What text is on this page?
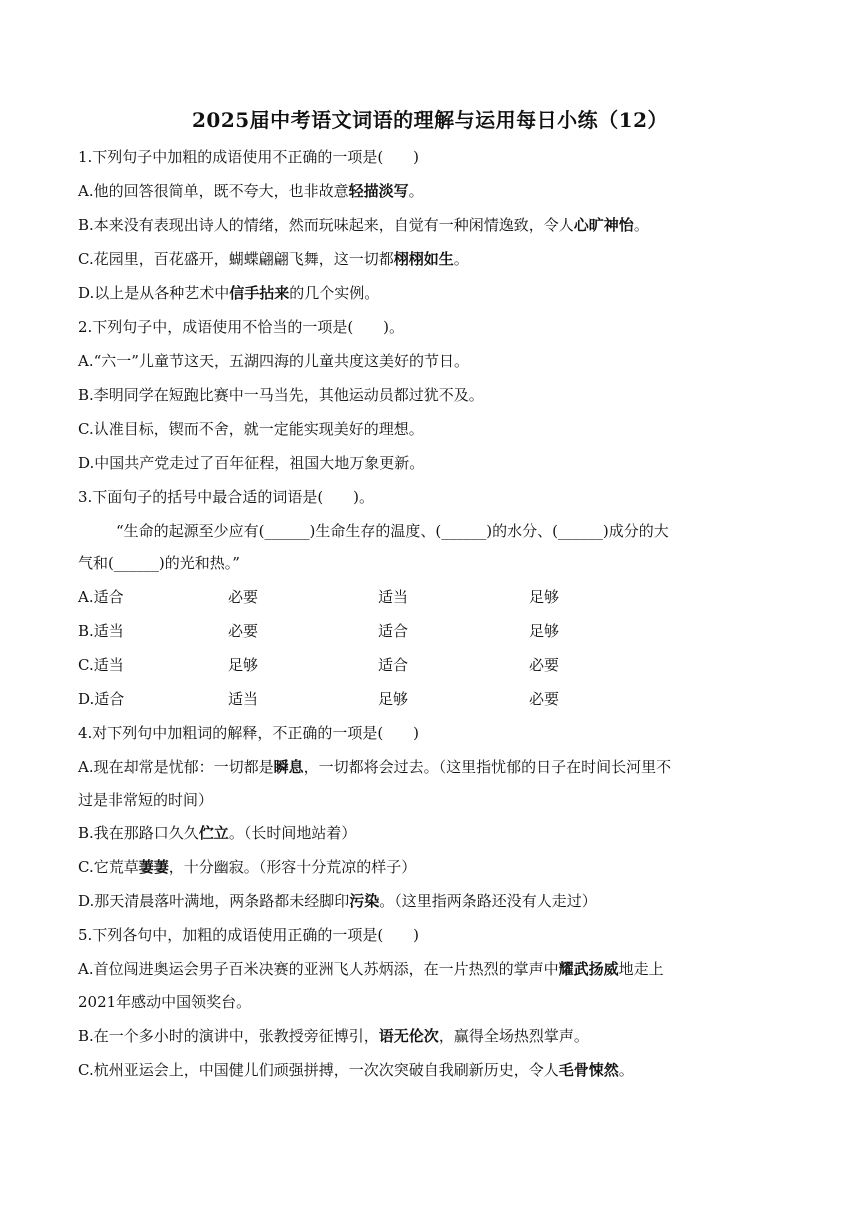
2025届中考语文词语的理解与运用每日小练（12）
1.下列句子中加粗的成语使用不正确的一项是(　　)
A.他的回答很简单，既不夸大，也非故意轻描淡写。
B.本来没有表现出诗人的情绪，然而玩味起来，自觉有一种闲情逸致，令人心旷神怡。
C.花园里，百花盛开，蝴蝶翩翩飞舞，这一切都栩栩如生。
D.以上是从各种艺术中信手拈来的几个实例。
2.下列句子中，成语使用不恰当的一项是(　　)。
A.“六一”儿童节这天，五湖四海的儿童共度这美好的节日。
B.李明同学在短跑比赛中一马当先，其他运动员都过犹不及。
C.认准目标，锲而不舍，就一定能实现美好的理想。
D.中国共产党走过了百年征程，祖国大地万象更新。
3.下面句子的括号中最合适的词语是(　　)。
“生命的起源至少应有(______)生命生存的温度、(______)的水分、(______)成分的大
气和(______)的光和热。”
A.适合	必要	适当	足够
B.适当	必要	适合	足够
C.适当	足够	适合	必要
D.适合	适当	足够	必要
4.对下列句中加粗词的解释，不正确的一项是(　　)
A.现在却常是忧郁：一切都是瞬息，一切都将会过去。（这里指忧郁的日子在时间长河里不
过是非常短的时间）
B.我在那路口久久伫立。（长时间地站着）
C.它荒草萋萋，十分幽寂。（形容十分荒凉的样子）
D.那天清晨落叶满地，两条路都未经脚印污染。（这里指两条路还没有人走过）
5.下列各句中，加粗的成语使用正确的一项是(　　)
A.首位闯进奥运会男子百米决赛的亚洲飞人苏炳添，在一片热烈的掌声中耀武扬威地走上
2021年感动中国领奖台。
B.在一个多小时的演讲中，张教授旁征博引，语无伦次，赢得全场热烈掌声。
C.杭州亚运会上，中国健儿们顽强拼搏，一次次突破自我刷新历史，令人毛骨悚然。
